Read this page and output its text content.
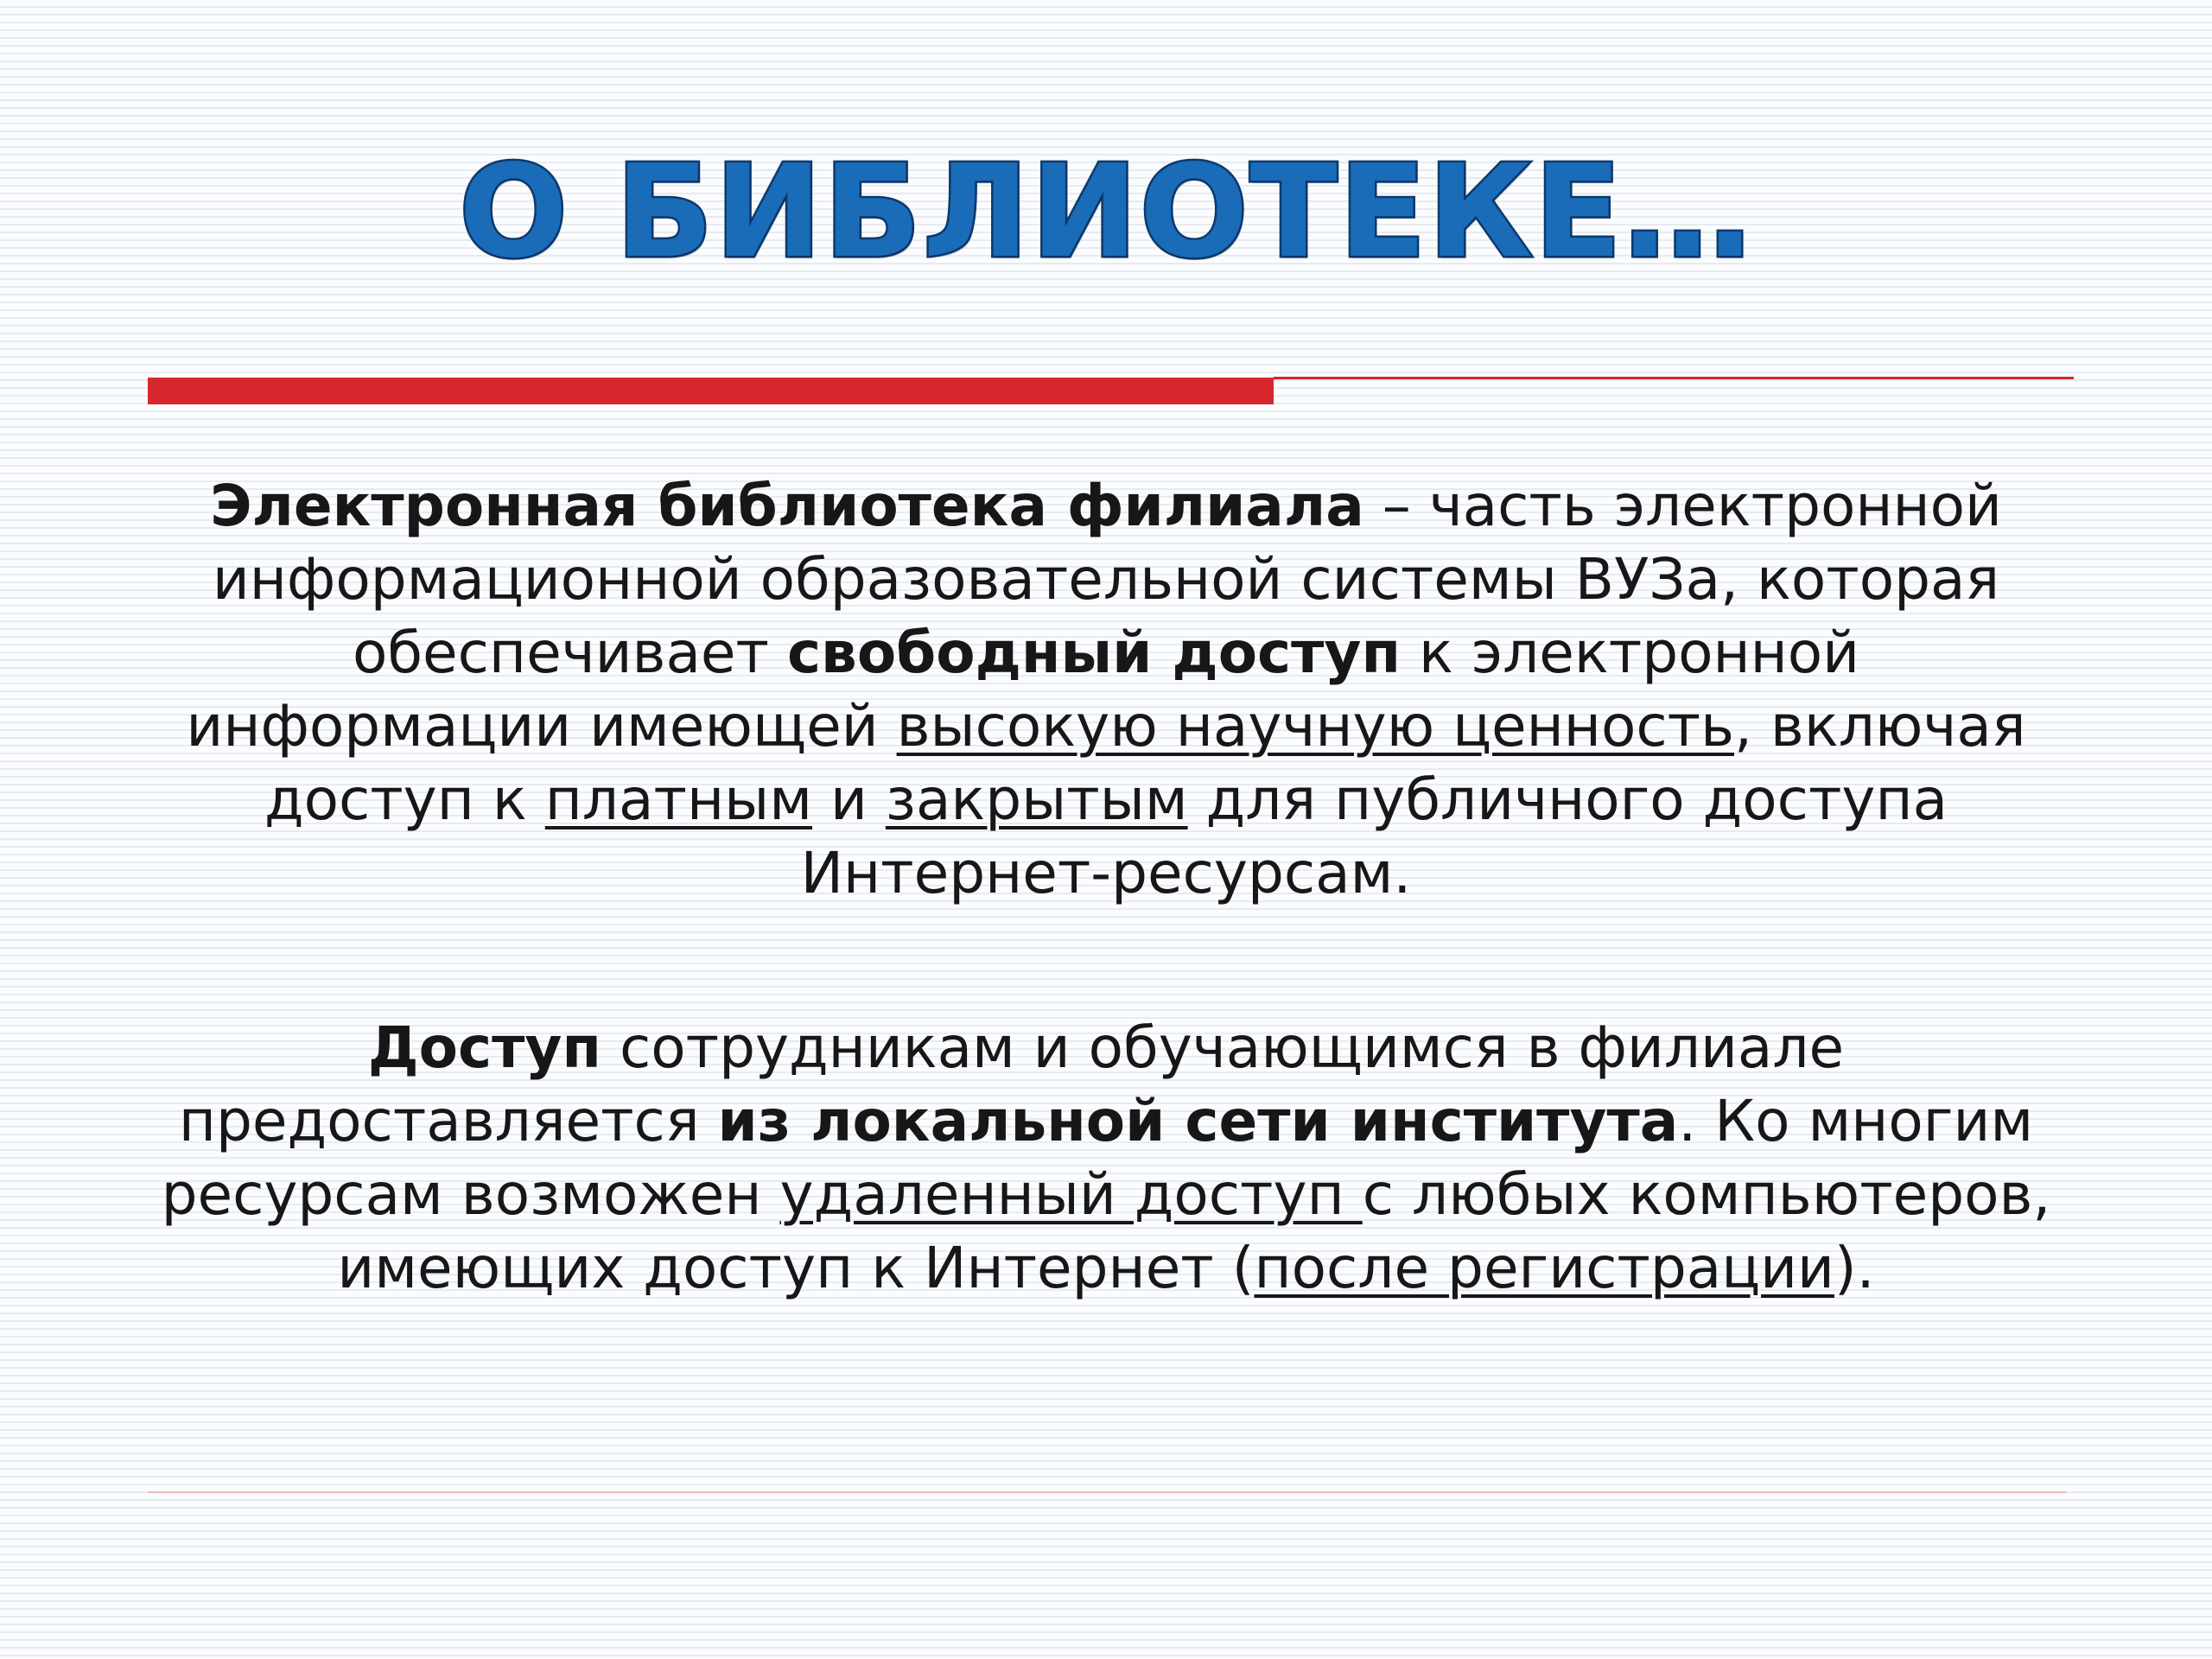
О БИБЛИОТЕКЕ…
Электронная библиотека филиала – часть электронной информационной образовательной системы ВУЗа, которая обеспечивает свободный доступ к электронной информации имеющей высокую научную ценность, включая доступ к платным и закрытым для публичного доступа Интернет-ресурсам.
Доступ сотрудникам и обучающимся в филиале предоставляется из локальной сети института. Ко многим ресурсам возможен удаленный доступ с любых компьютеров, имеющих доступ к Интернет (после регистрации).
